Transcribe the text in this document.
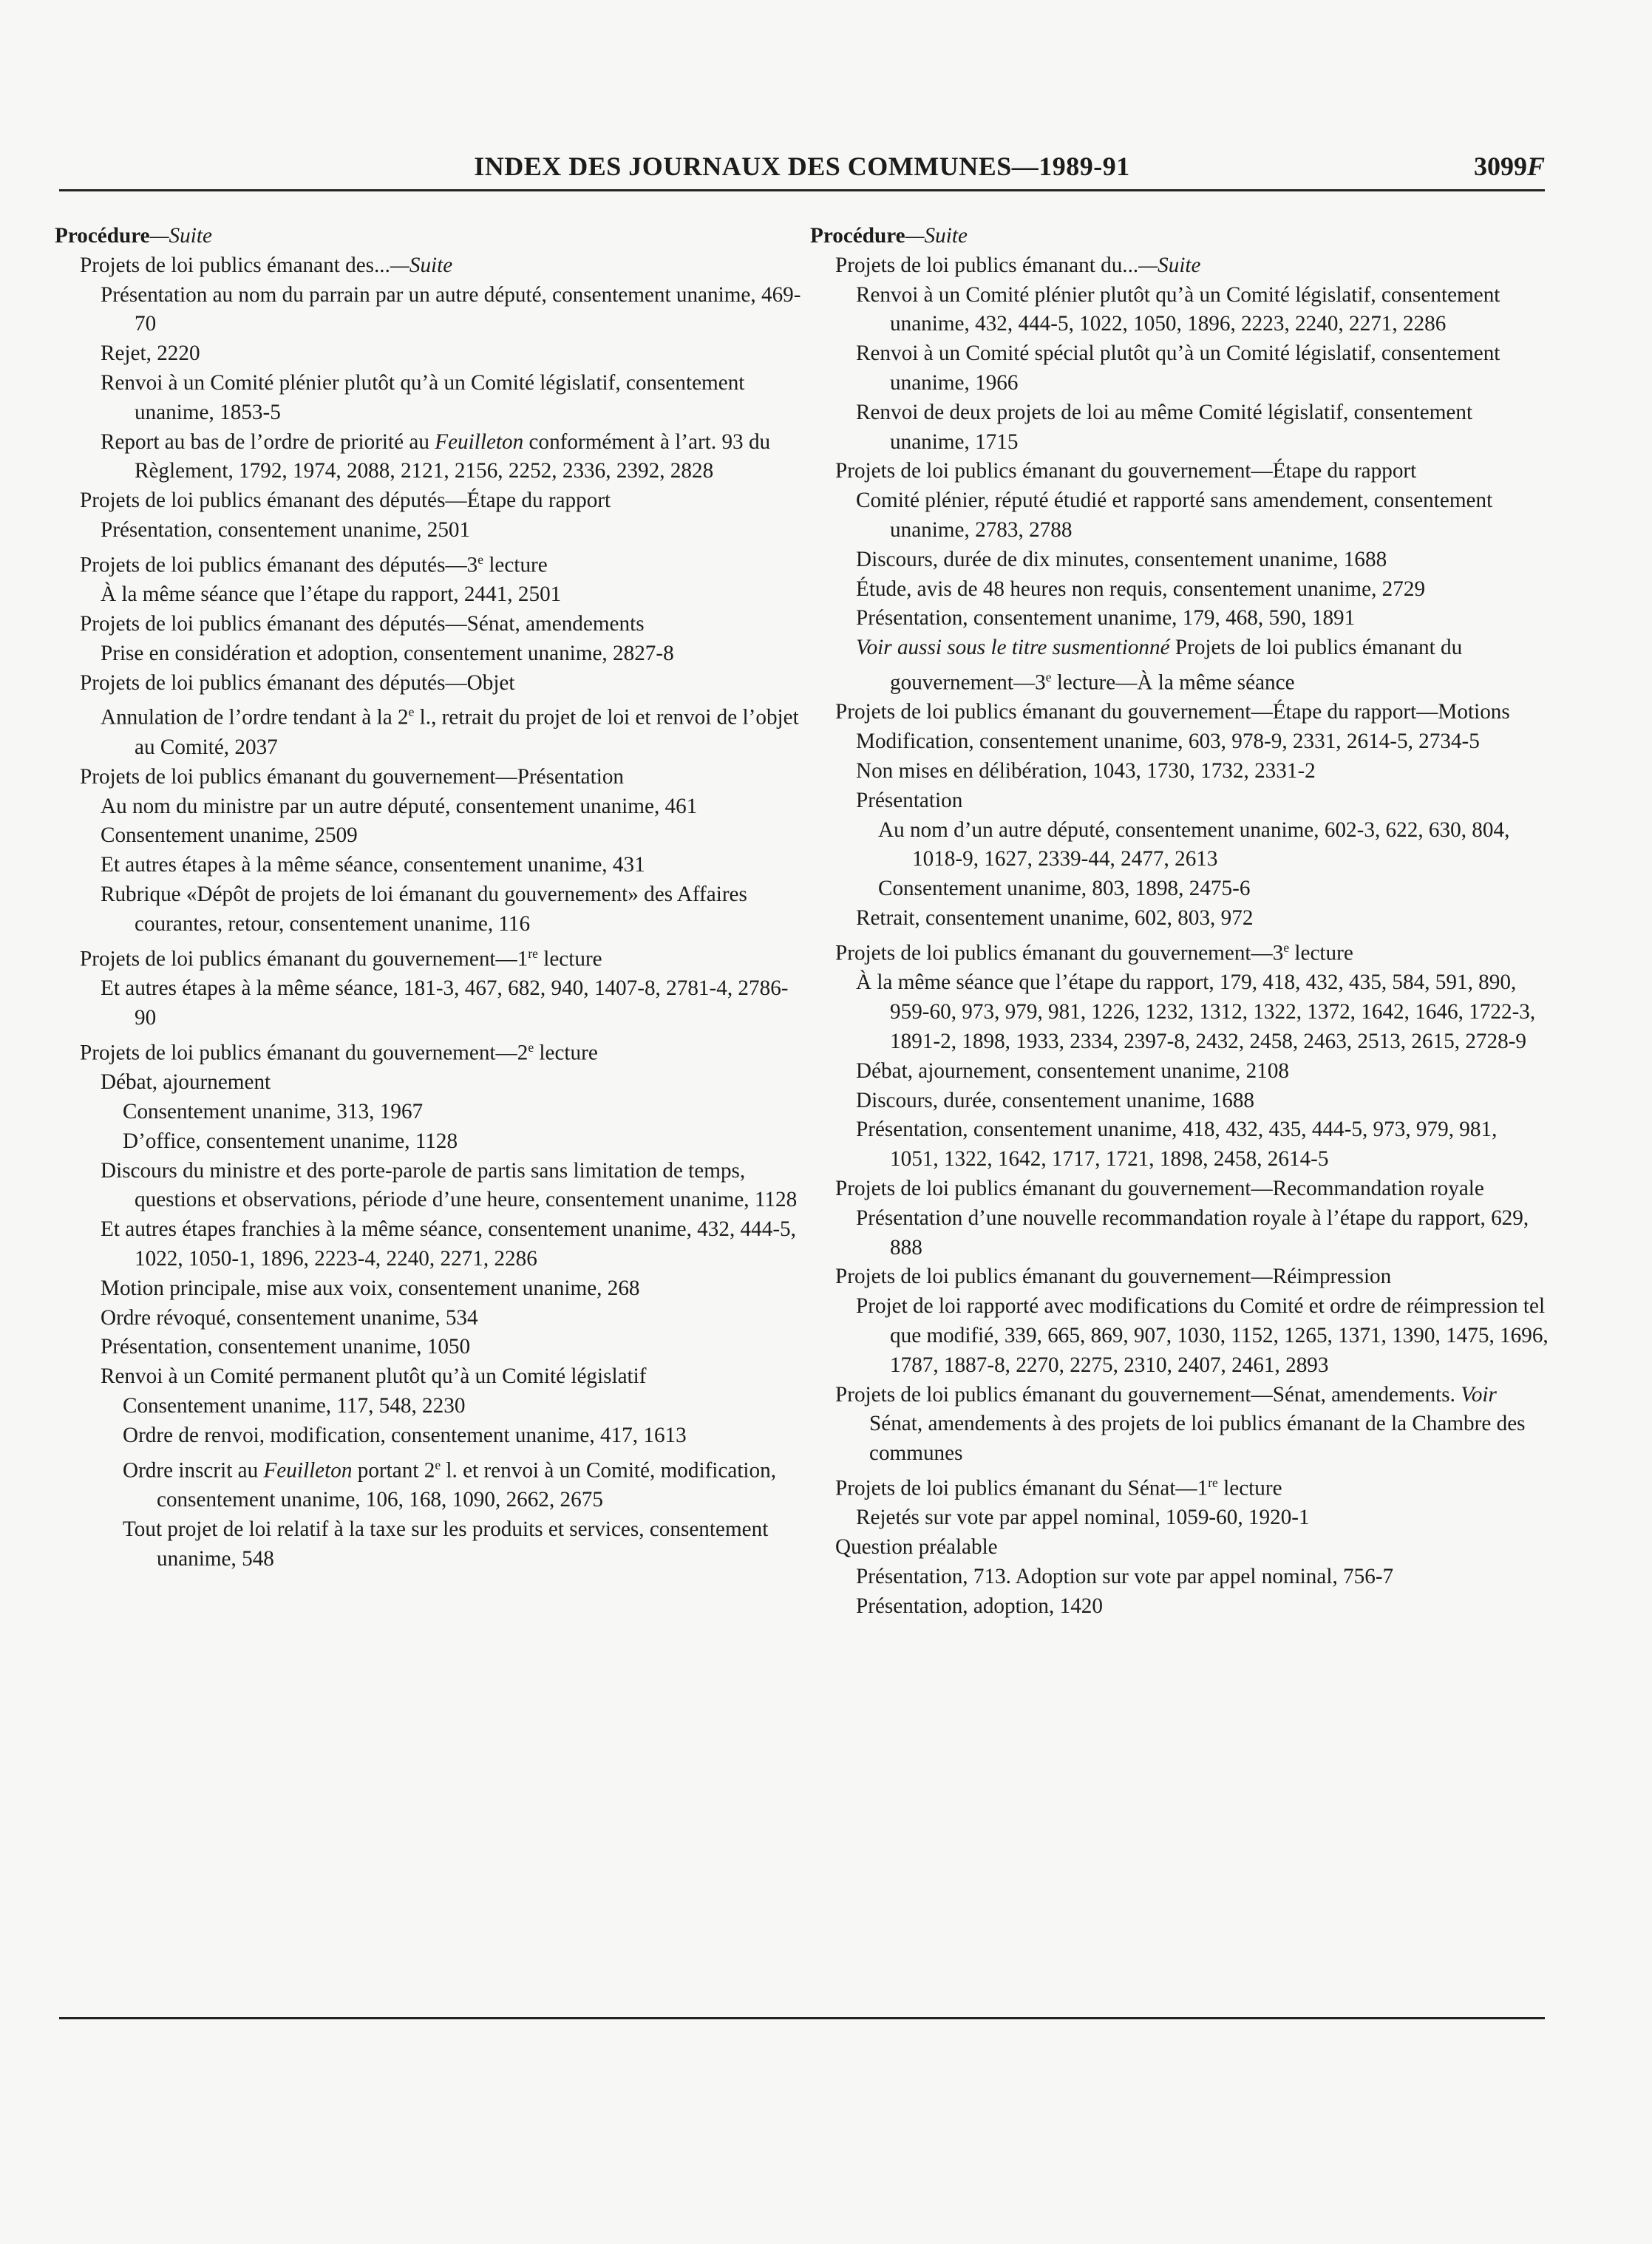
INDEX DES JOURNAUX DES COMMUNES—1989-91	3099F
Procédure—Suite
Projets de loi publics émanant des...—Suite
Présentation au nom du parrain par un autre député, consentement unanime, 469-70
Rejet, 2220
Renvoi à un Comité plénier plutôt qu’à un Comité législatif, consentement unanime, 1853-5
Report au bas de l’ordre de priorité au Feuilleton conformément à l’art. 93 du Règlement, 1792, 1974, 2088, 2121, 2156, 2252, 2336, 2392, 2828
Projets de loi publics émanant des députés—Étape du rapport
Présentation, consentement unanime, 2501
Projets de loi publics émanant des députés—3e lecture
À la même séance que l’étape du rapport, 2441, 2501
Projets de loi publics émanant des députés—Sénat, amendements
Prise en considération et adoption, consentement unanime, 2827-8
Projets de loi publics émanant des députés—Objet
Annulation de l’ordre tendant à la 2e l., retrait du projet de loi et renvoi de l’objet au Comité, 2037
Projets de loi publics émanant du gouvernement—Présentation
Au nom du ministre par un autre député, consentement unanime, 461
Consentement unanime, 2509
Et autres étapes à la même séance, consentement unanime, 431
Rubrique «Dépôt de projets de loi émanant du gouvernement» des Affaires courantes, retour, consentement unanime, 116
Projets de loi publics émanant du gouvernement—1re lecture
Et autres étapes à la même séance, 181-3, 467, 682, 940, 1407-8, 2781-4, 2786-90
Projets de loi publics émanant du gouvernement—2e lecture
Débat, ajournement
Consentement unanime, 313, 1967
D’office, consentement unanime, 1128
Discours du ministre et des porte-parole de partis sans limitation de temps, questions et observations, période d’une heure, consentement unanime, 1128
Et autres étapes franchies à la même séance, consentement unanime, 432, 444-5, 1022, 1050-1, 1896, 2223-4, 2240, 2271, 2286
Motion principale, mise aux voix, consentement unanime, 268
Ordre révoqué, consentement unanime, 534
Présentation, consentement unanime, 1050
Renvoi à un Comité permanent plutôt qu’à un Comité législatif
Consentement unanime, 117, 548, 2230
Ordre de renvoi, modification, consentement unanime, 417, 1613
Ordre inscrit au Feuilleton portant 2e l. et renvoi à un Comité, modification, consentement unanime, 106, 168, 1090, 2662, 2675
Tout projet de loi relatif à la taxe sur les produits et services, consentement unanime, 548
Procédure—Suite
Projets de loi publics émanant du...—Suite
Renvoi à un Comité plénier plutôt qu’à un Comité législatif, consentement unanime, 432, 444-5, 1022, 1050, 1896, 2223, 2240, 2271, 2286
Renvoi à un Comité spécial plutôt qu’à un Comité législatif, consentement unanime, 1966
Renvoi de deux projets de loi au même Comité législatif, consentement unanime, 1715
Projets de loi publics émanant du gouvernement—Étape du rapport
Comité plénier, réputé étudié et rapporté sans amendement, consentement unanime, 2783, 2788
Discours, durée de dix minutes, consentement unanime, 1688
Étude, avis de 48 heures non requis, consentement unanime, 2729
Présentation, consentement unanime, 179, 468, 590, 1891
Voir aussi sous le titre susmentionné Projets de loi publics émanant du gouvernement—3e lecture—À la même séance
Projets de loi publics émanant du gouvernement—Étape du rapport—Motions
Modification, consentement unanime, 603, 978-9, 2331, 2614-5, 2734-5
Non mises en délibération, 1043, 1730, 1732, 2331-2
Présentation
Au nom d’un autre député, consentement unanime, 602-3, 622, 630, 804, 1018-9, 1627, 2339-44, 2477, 2613
Consentement unanime, 803, 1898, 2475-6
Retrait, consentement unanime, 602, 803, 972
Projets de loi publics émanant du gouvernement—3e lecture
À la même séance que l’étape du rapport, 179, 418, 432, 435, 584, 591, 890, 959-60, 973, 979, 981, 1226, 1232, 1312, 1322, 1372, 1642, 1646, 1722-3, 1891-2, 1898, 1933, 2334, 2397-8, 2432, 2458, 2463, 2513, 2615, 2728-9
Débat, ajournement, consentement unanime, 2108
Discours, durée, consentement unanime, 1688
Présentation, consentement unanime, 418, 432, 435, 444-5, 973, 979, 981, 1051, 1322, 1642, 1717, 1721, 1898, 2458, 2614-5
Projets de loi publics émanant du gouvernement—Recommandation royale
Présentation d’une nouvelle recommandation royale à l’étape du rapport, 629, 888
Projets de loi publics émanant du gouvernement—Réimpression
Projet de loi rapporté avec modifications du Comité et ordre de réimpression tel que modifié, 339, 665, 869, 907, 1030, 1152, 1265, 1371, 1390, 1475, 1696, 1787, 1887-8, 2270, 2275, 2310, 2407, 2461, 2893
Projets de loi publics émanant du gouvernement—Sénat, amendements. Voir Sénat, amendements à des projets de loi publics émanant de la Chambre des communes
Projets de loi publics émanant du Sénat—1re lecture
Rejetés sur vote par appel nominal, 1059-60, 1920-1
Question préalable
Présentation, 713. Adoption sur vote par appel nominal, 756-7
Présentation, adoption, 1420
